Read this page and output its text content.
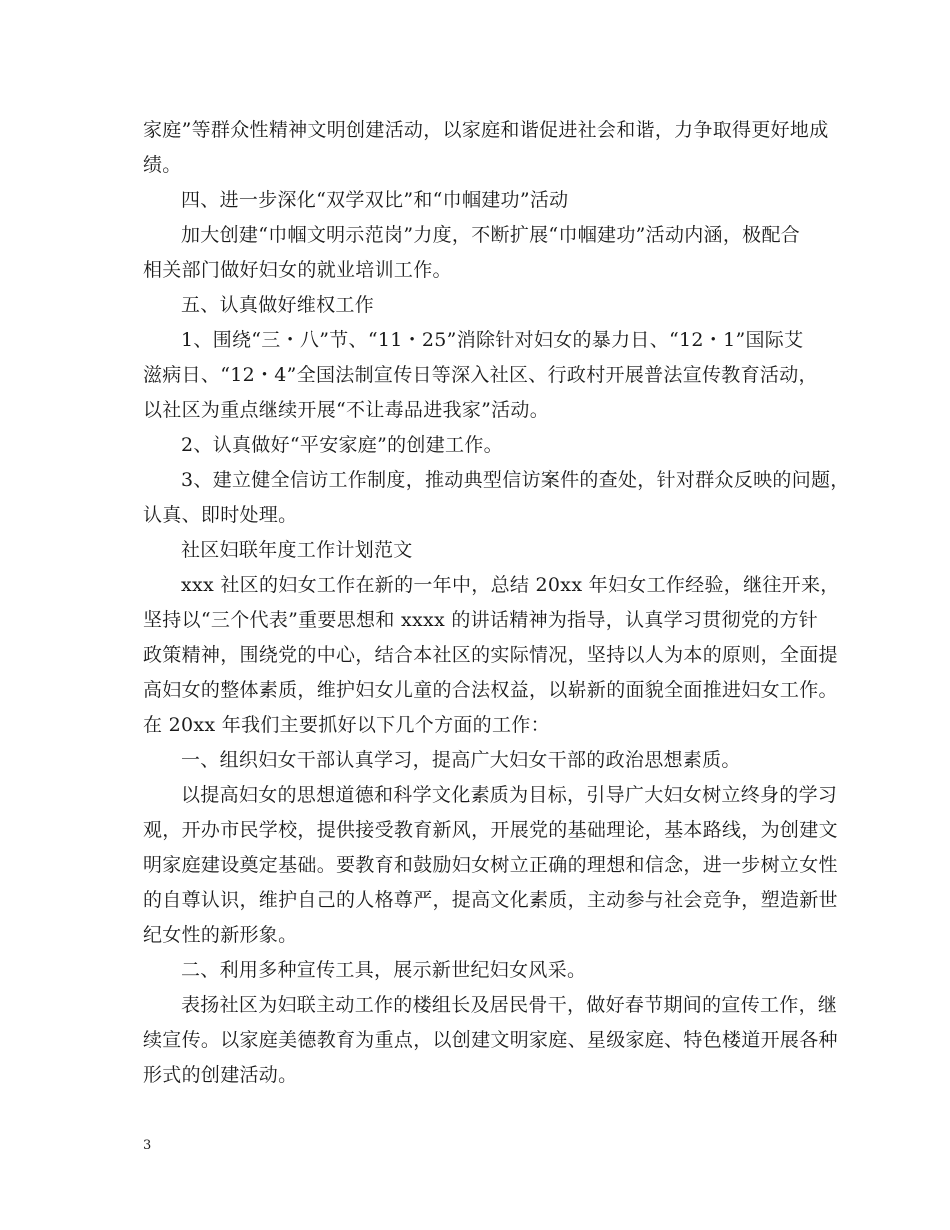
家庭”等群众性精神文明创建活动，以家庭和谐促进社会和谐，力争取得更好地成
绩。
四、进一步深化“双学双比”和“巾帼建功”活动
加大创建“巾帼文明示范岗”力度，不断扩展“巾帼建功”活动内涵，极配合
相关部门做好妇女的就业培训工作。
五、认真做好维权工作
1、围绕“三・八”节、“11・25”消除针对妇女的暴力日、“12・1”国际艾
滋病日、“12・4”全国法制宣传日等深入社区、行政村开展普法宣传教育活动，
以社区为重点继续开展“不让毒品进我家”活动。
2、认真做好“平安家庭”的创建工作。
3、建立健全信访工作制度，推动典型信访案件的查处，针对群众反映的问题，
认真、即时处理。
社区妇联年度工作计划范文
xxx 社区的妇女工作在新的一年中，总结 20xx 年妇女工作经验，继往开来，
坚持以“三个代表”重要思想和 xxxx 的讲话精神为指导，认真学习贯彻党的方针
政策精神，围绕党的中心，结合本社区的实际情况，坚持以人为本的原则，全面提
高妇女的整体素质，维护妇女儿童的合法权益，以崭新的面貌全面推进妇女工作。
在 20xx 年我们主要抓好以下几个方面的工作：
一、组织妇女干部认真学习，提高广大妇女干部的政治思想素质。
以提高妇女的思想道德和科学文化素质为目标，引导广大妇女树立终身的学习
观，开办市民学校，提供接受教育新风，开展党的基础理论，基本路线，为创建文
明家庭建设奠定基础。要教育和鼓励妇女树立正确的理想和信念，进一步树立女性
的自尊认识，维护自己的人格尊严，提高文化素质，主动参与社会竞争，塑造新世
纪女性的新形象。
二、利用多种宣传工具，展示新世纪妇女风采。
表扬社区为妇联主动工作的楼组长及居民骨干，做好春节期间的宣传工作，继
续宣传。以家庭美德教育为重点，以创建文明家庭、星级家庭、特色楼道开展各种
形式的创建活动。
3
